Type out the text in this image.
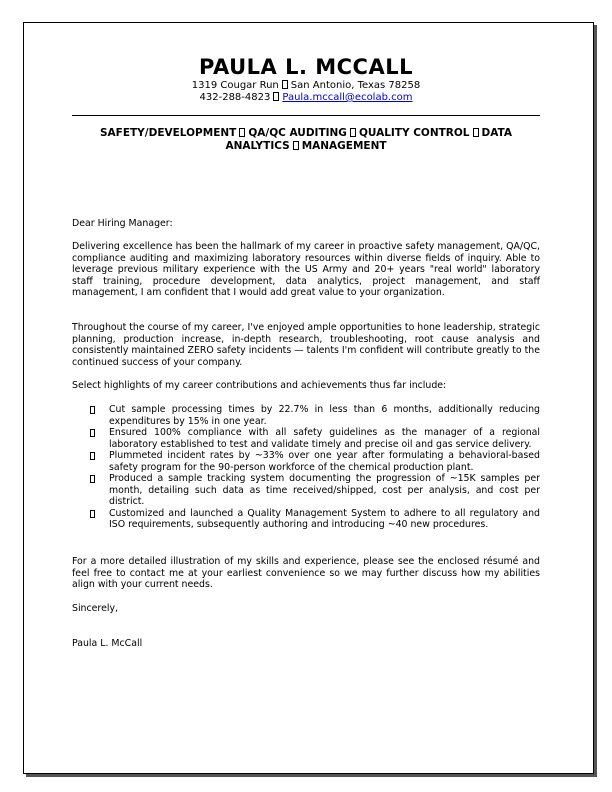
PAULA L. MCCALL
1319 Cougar Run San Antonio, Texas 78258
432-288-4823 Paula.mccall@ecolab.com
SAFETY/DEVELOPMENT QA/QC AUDITING QUALITY CONTROL DATA ANALYTICS MANAGEMENT
Dear Hiring Manager:
Delivering excellence has been the hallmark of my career in proactive safety management, QA/QC, compliance auditing and maximizing laboratory resources within diverse fields of inquiry. Able to leverage previous military experience with the US Army and 20+ years "real world" laboratory staff training, procedure development, data analytics, project management, and staff management, I am confident that I would add great value to your organization.
Throughout the course of my career, I've enjoyed ample opportunities to hone leadership, strategic planning, production increase, in-depth research, troubleshooting, root cause analysis and consistently maintained ZERO safety incidents — talents I'm confident will contribute greatly to the continued success of your company.
Select highlights of my career contributions and achievements thus far include:
Cut sample processing times by 22.7% in less than 6 months, additionally reducing expenditures by 15% in one year.
Ensured 100% compliance with all safety guidelines as the manager of a regional laboratory established to test and validate timely and precise oil and gas service delivery.
Plummeted incident rates by ~33% over one year after formulating a behavioral-based safety program for the 90-person workforce of the chemical production plant.
Produced a sample tracking system documenting the progression of ~15K samples per month, detailing such data as time received/shipped, cost per analysis, and cost per district.
Customized and launched a Quality Management System to adhere to all regulatory and ISO requirements, subsequently authoring and introducing ~40 new procedures.
For a more detailed illustration of my skills and experience, please see the enclosed résumé and feel free to contact me at your earliest convenience so we may further discuss how my abilities align with your current needs.
Sincerely,
Paula L. McCall
